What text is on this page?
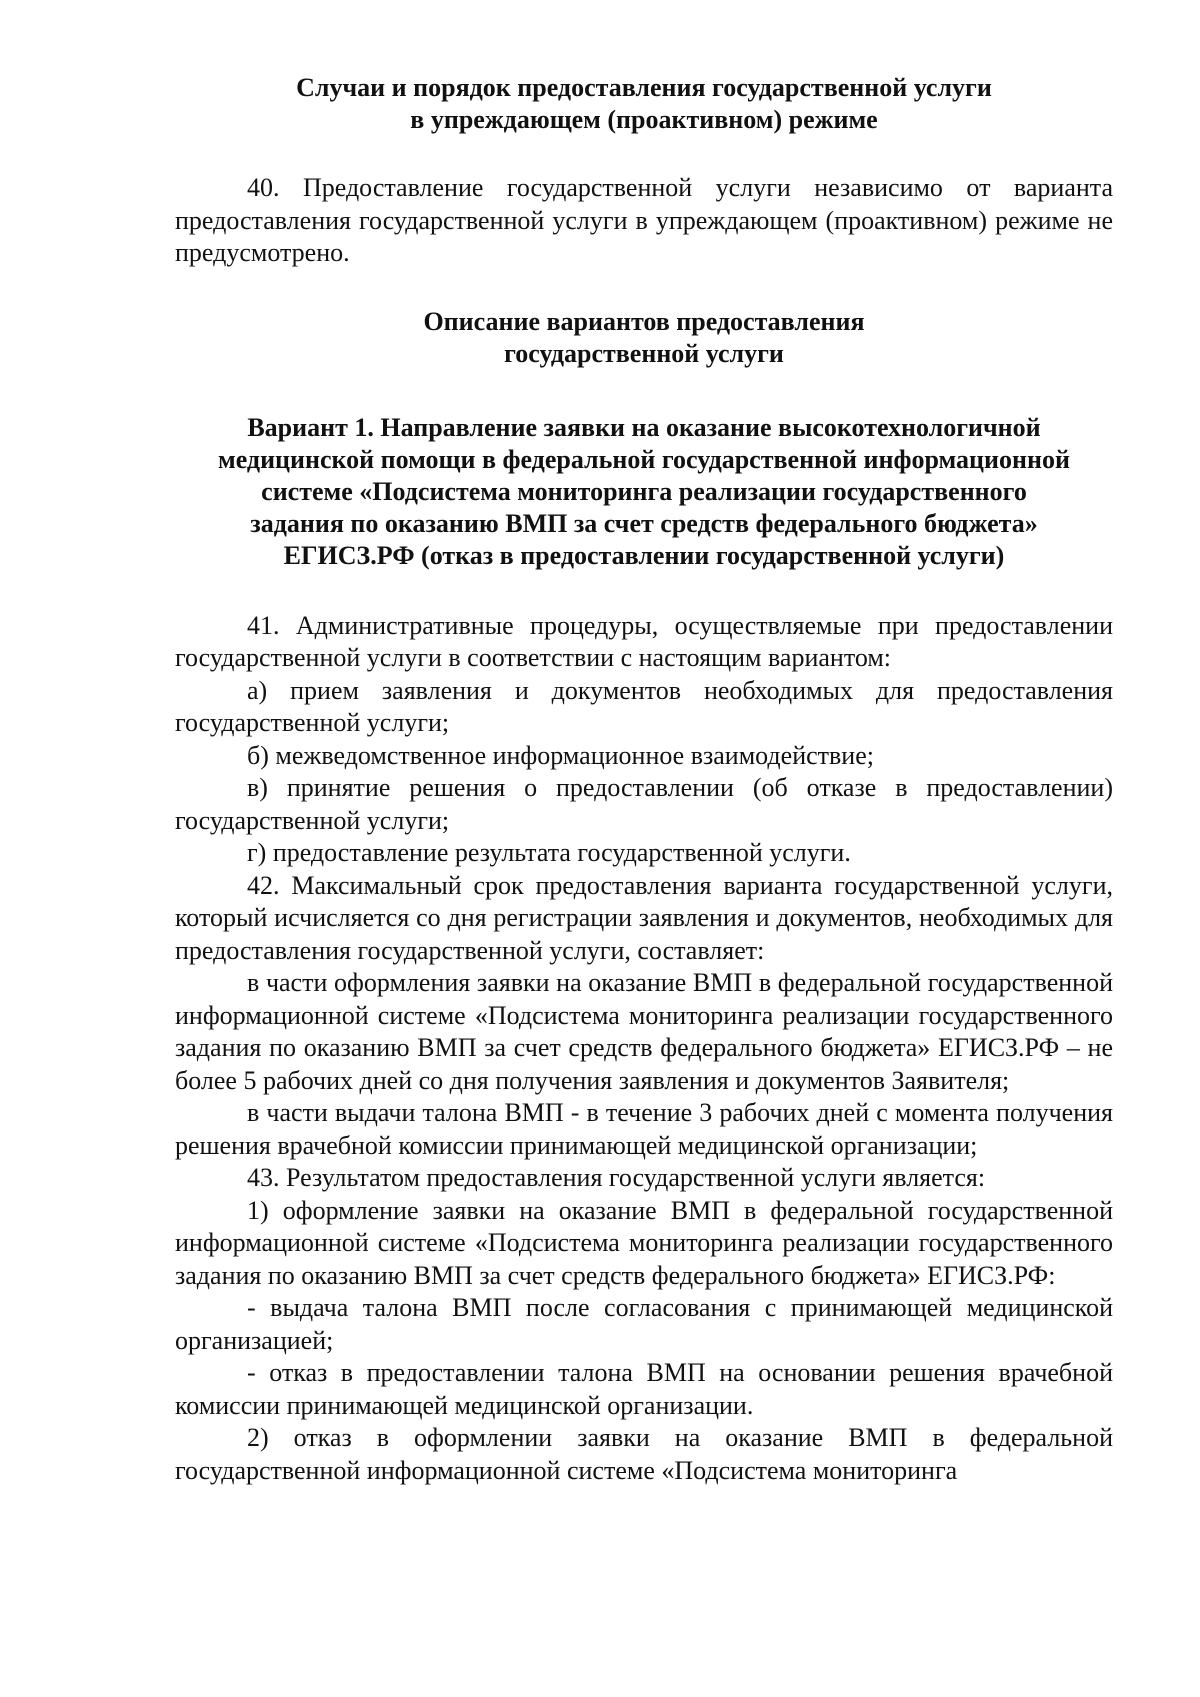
Случаи и порядок предоставления государственной услуги
в упреждающем (проактивном) режиме

40. Предоставление государственной услуги независимо от варианта предоставления государственной услуги в упреждающем (проактивном) режиме не предусмотрено.

Описание вариантов предоставления
государственной услуги
Вариант 1. Направление заявки на оказание высокотехнологичной
медицинской помощи в федеральной государственной информационной
системе «Подсистема мониторинга реализации государственного
задания по оказанию ВМП за счет средств федерального бюджета»
ЕГИСЗ.РФ (отказ в предоставлении государственной услуги)

41. Административные процедуры, осуществляемые при предоставлении государственной услуги в соответствии с настоящим вариантом:

а) прием заявления и документов необходимых для предоставления государственной услуги;

б) межведомственное информационное взаимодействие;

в) принятие решения о предоставлении (об отказе в предоставлении) государственной услуги;

г) предоставление результата государственной услуги.

42. Максимальный срок предоставления варианта государственной услуги, который исчисляется со дня регистрации заявления и документов, необходимых для предоставления государственной услуги, составляет:

в части оформления заявки на оказание ВМП в федеральной государственной информационной системе «Подсистема мониторинга реализации государственного задания по оказанию ВМП за счет средств федерального бюджета» ЕГИСЗ.РФ – не более 5 рабочих дней со дня получения заявления и документов Заявителя;

в части выдачи талона ВМП - в течение 3 рабочих дней с момента получения решения врачебной комиссии принимающей медицинской организации;

43. Результатом предоставления государственной услуги является:

1) оформление заявки на оказание ВМП в федеральной государственной информационной системе «Подсистема мониторинга реализации государственного задания по оказанию ВМП за счет средств федерального бюджета» ЕГИСЗ.РФ:

- выдача талона ВМП после согласования с принимающей медицинской организацией;

- отказ в предоставлении талона ВМП на основании решения врачебной комиссии принимающей медицинской организации.

2) отказ в оформлении заявки на оказание ВМП в федеральной государственной информационной системе «Подсистема мониторинга
